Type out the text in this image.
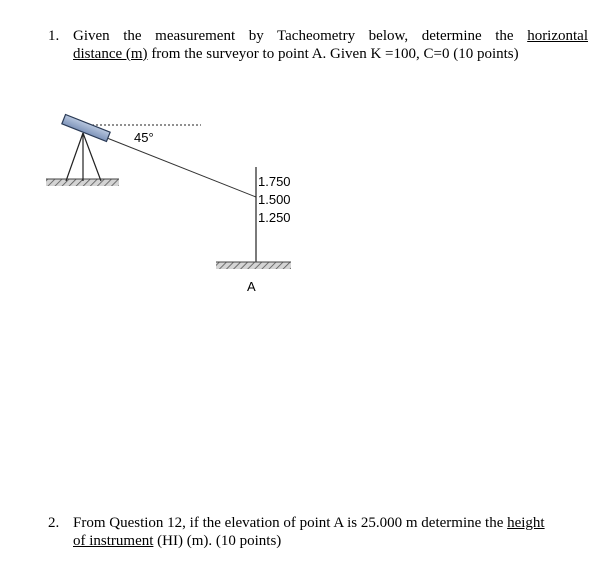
1. Given the measurement by Tacheometry below, determine the horizontal
distance (m) from the surveyor to point A. Given K =100, C=0 (10 points)
45°
1.750
1.500
1.250
A
2. From Question 12, if the elevation of point A is 25.000 m determine the height
of instrument (HI) (m). (10 points)
